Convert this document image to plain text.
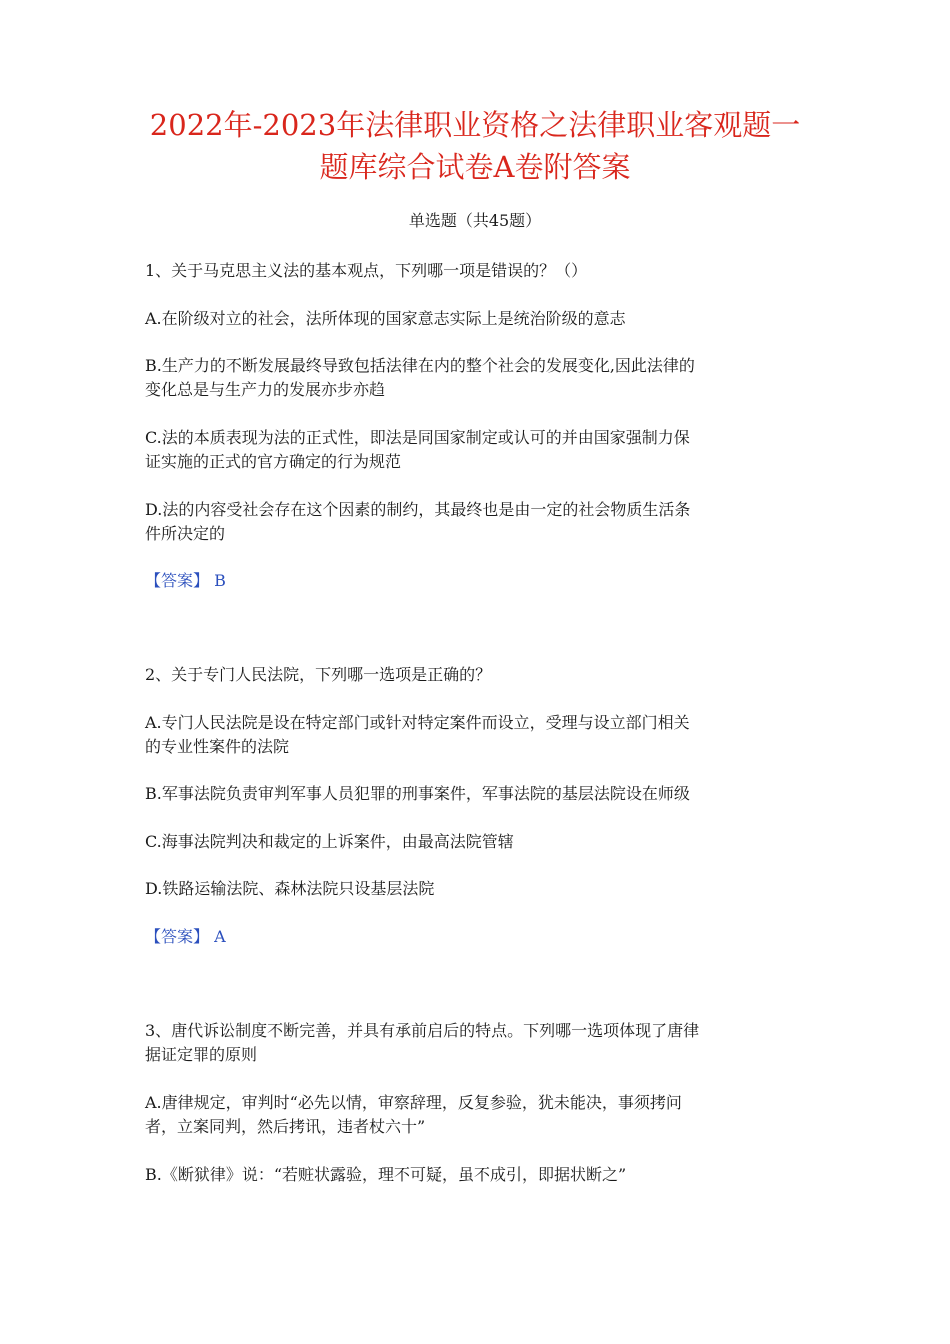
2022年-2023年法律职业资格之法律职业客观题一
题库综合试卷A卷附答案
单选题（共45题）
1、关于马克思主义法的基本观点，下列哪一项是错误的？（）
A.在阶级对立的社会，法所体现的国家意志实际上是统治阶级的意志
B.生产力的不断发展最终导致包括法律在内的整个社会的发展变化,因此法律的
变化总是与生产力的发展亦步亦趋
C.法的本质表现为法的正式性，即法是同国家制定或认可的并由国家强制力保
证实施的正式的官方确定的行为规范
D.法的内容受社会存在这个因素的制约，其最终也是由一定的社会物质生活条
件所决定的
【答案】 B
2、关于专门人民法院，下列哪一选项是正确的？
A.专门人民法院是设在特定部门或针对特定案件而设立，受理与设立部门相关
的专业性案件的法院
B.军事法院负责审判军事人员犯罪的刑事案件，军事法院的基层法院设在师级
C.海事法院判决和裁定的上诉案件，由最高法院管辖
D.铁路运输法院、森林法院只设基层法院
【答案】 A
3、唐代诉讼制度不断完善，并具有承前启后的特点。下列哪一选项体现了唐律
据证定罪的原则
A.唐律规定，审判时“必先以情，审察辞理，反复参验，犹未能决，事须拷问
者，立案同判，然后拷讯，违者杖六十”
B.《断狱律》说：“若赃状露验，理不可疑，虽不成引，即据状断之”
